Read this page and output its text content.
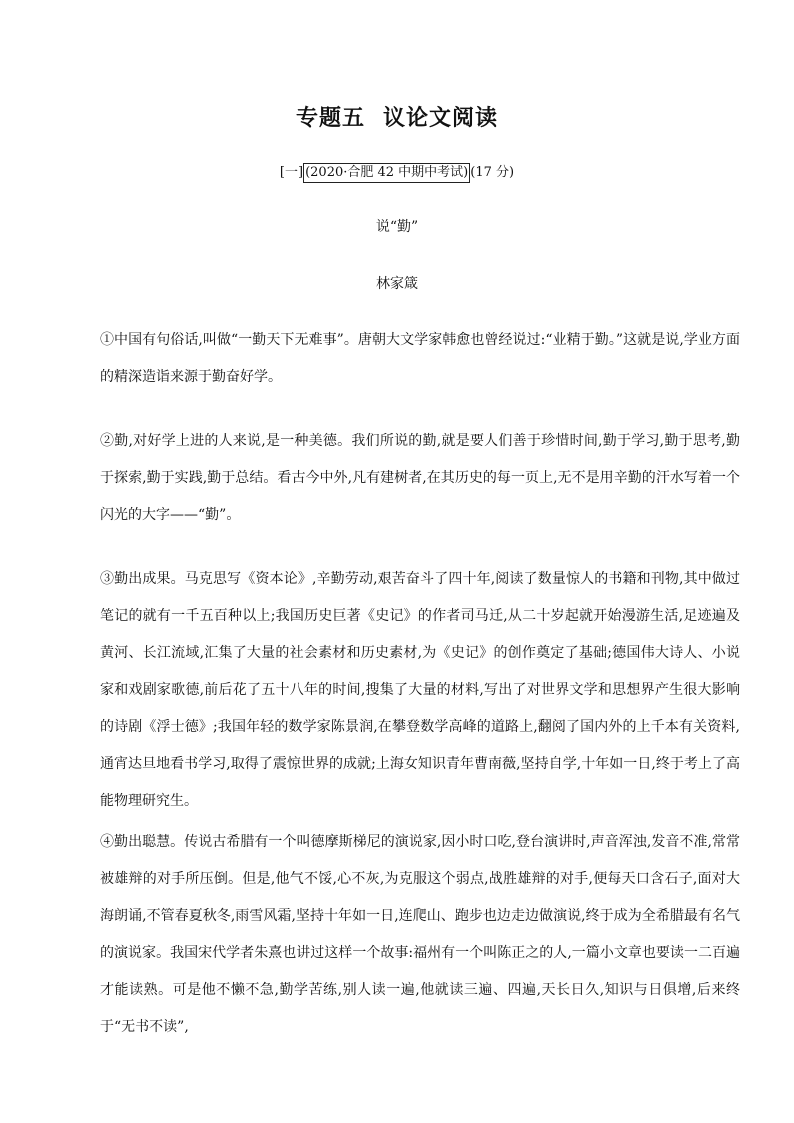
专题五 议论文阅读
[一] (2020·合肥 42 中期中考试) (17 分)
说“勤”
林家箴

①中国有句俗话,叫做“一勤天下无难事”。唐朝大文学家韩愈也曾经说过:“业精于勤。”这就是说,学业方面的精深造诣来源于勤奋好学。

②勤,对好学上进的人来说,是一种美德。我们所说的勤,就是要人们善于珍惜时间,勤于学习,勤于思考,勤于探索,勤于实践,勤于总结。看古今中外,凡有建树者,在其历史的每一页上,无不是用辛勤的汗水写着一个闪光的大字——“勤”。

③勤出成果。马克思写《资本论》,辛勤劳动,艰苦奋斗了四十年,阅读了数量惊人的书籍和刊物,其中做过笔记的就有一千五百种以上;我国历史巨著《史记》的作者司马迁,从二十岁起就开始漫游生活,足迹遍及黄河、长江流域,汇集了大量的社会素材和历史素材,为《史记》的创作奠定了基础;德国伟大诗人、小说家和戏剧家歌德,前后花了五十八年的时间,搜集了大量的材料,写出了对世界文学和思想界产生很大影响的诗剧《浮士德》;我国年轻的数学家陈景润,在攀登数学高峰的道路上,翻阅了国内外的上千本有关资料,通宵达旦地看书学习,取得了震惊世界的成就;上海女知识青年曹南薇,坚持自学,十年如一日,终于考上了高能物理研究生。

④勤出聪慧。传说古希腊有一个叫德摩斯梯尼的演说家,因小时口吃,登台演讲时,声音浑浊,发音不准,常常被雄辩的对手所压倒。但是,他气不馁,心不灰,为克服这个弱点,战胜雄辩的对手,便每天口含石子,面对大海朗诵,不管春夏秋冬,雨雪风霜,坚持十年如一日,连爬山、跑步也边走边做演说,终于成为全希腊最有名气的演说家。我国宋代学者朱熹也讲过这样一个故事:福州有一个叫陈正之的人,一篇小文章也要读一二百遍才能读熟。可是他不懒不急,勤学苦练,别人读一遍,他就读三遍、四遍,天长日久,知识与日俱增,后来终于“无书不读”,
